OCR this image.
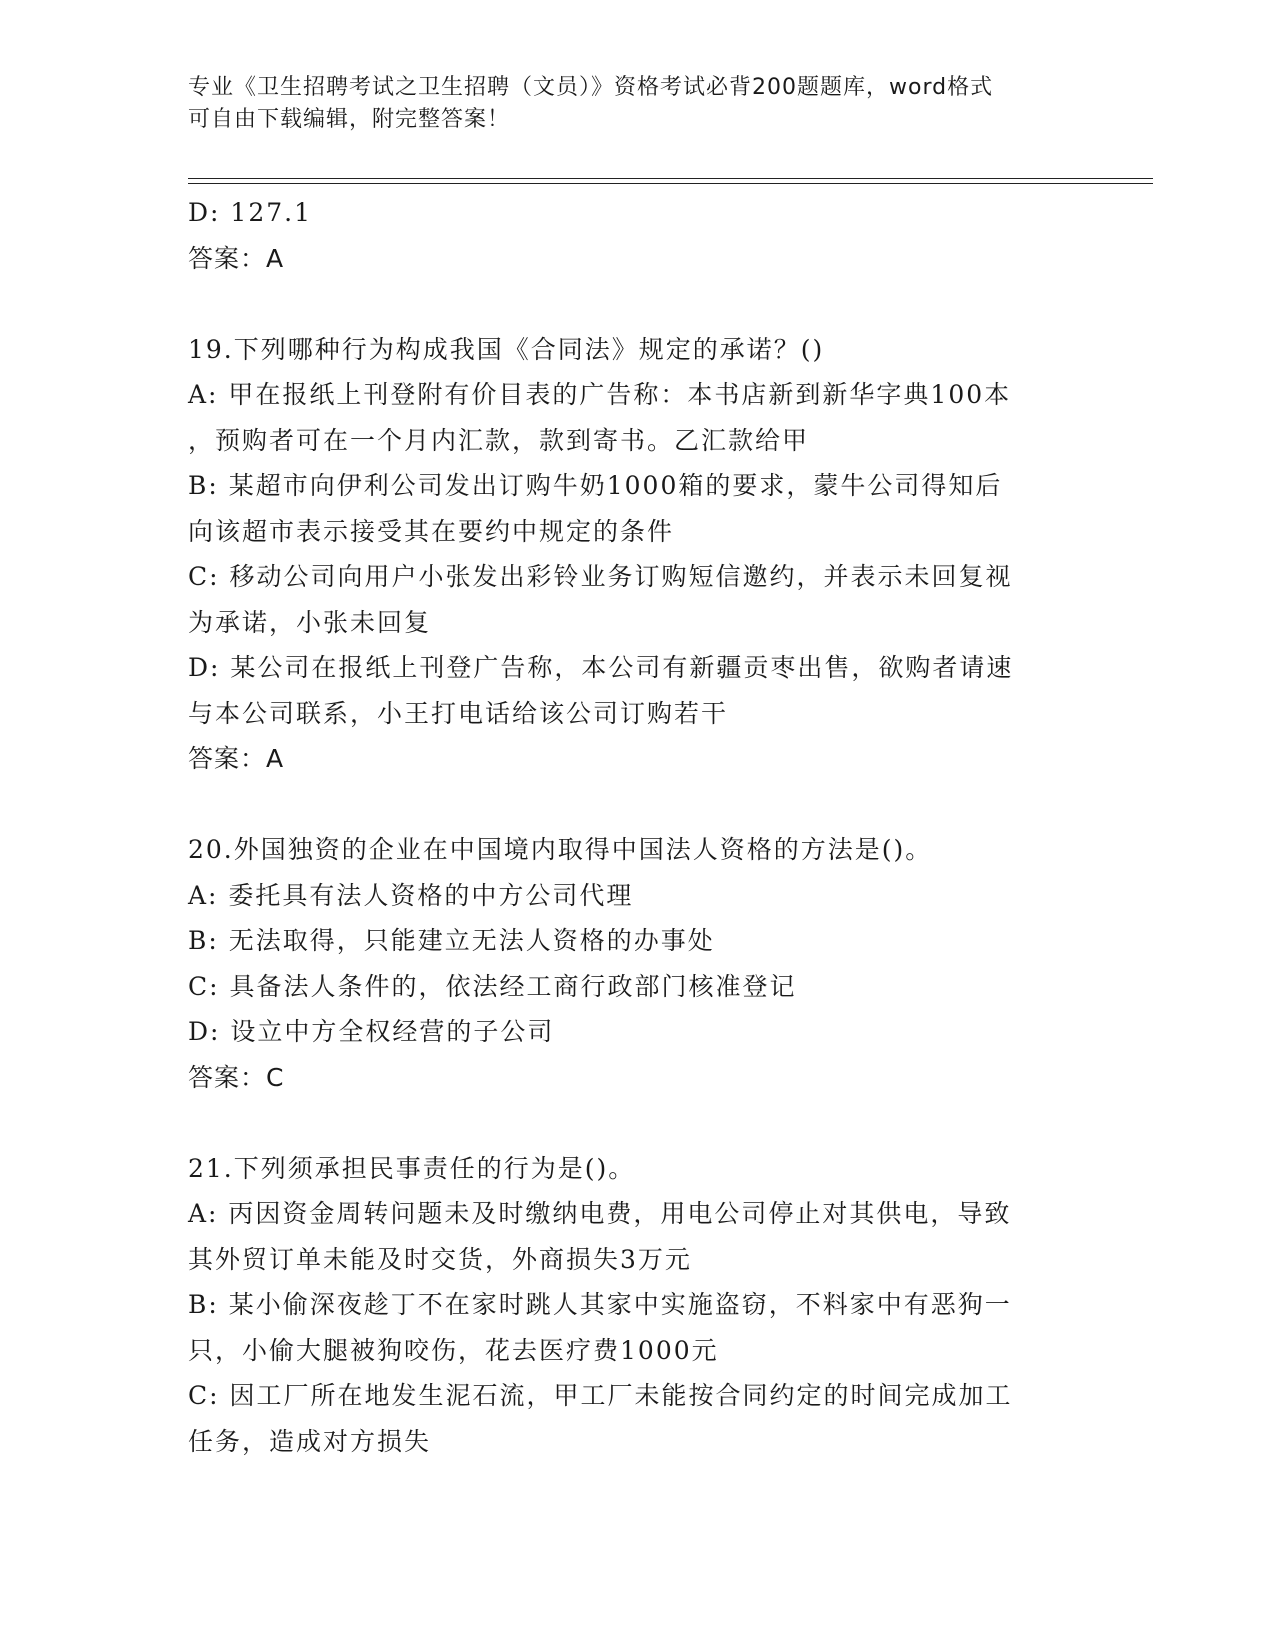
专业《卫生招聘考试之卫生招聘（文员）》资格考试必背200题题库，word格式
可自由下载编辑，附完整答案！
D: 127.1
答案：A
19.下列哪种行为构成我国《合同法》规定的承诺？()
A: 甲在报纸上刊登附有价目表的广告称：本书店新到新华字典100本
，预购者可在一个月内汇款，款到寄书。乙汇款给甲
B: 某超市向伊利公司发出订购牛奶1000箱的要求，蒙牛公司得知后
向该超市表示接受其在要约中规定的条件
C: 移动公司向用户小张发出彩铃业务订购短信邀约，并表示未回复视
为承诺，小张未回复
D: 某公司在报纸上刊登广告称，本公司有新疆贡枣出售，欲购者请速
与本公司联系，小王打电话给该公司订购若干
答案：A
20.外国独资的企业在中国境内取得中国法人资格的方法是()。
A: 委托具有法人资格的中方公司代理
B: 无法取得，只能建立无法人资格的办事处
C: 具备法人条件的，依法经工商行政部门核准登记
D: 设立中方全权经营的子公司
答案：C
21.下列须承担民事责任的行为是()。
A: 丙因资金周转问题未及时缴纳电费，用电公司停止对其供电，导致
其外贸订单未能及时交货，外商损失3万元
B: 某小偷深夜趁丁不在家时跳人其家中实施盗窃，不料家中有恶狗一
只，小偷大腿被狗咬伤，花去医疗费1000元
C: 因工厂所在地发生泥石流，甲工厂未能按合同约定的时间完成加工
任务，造成对方损失
